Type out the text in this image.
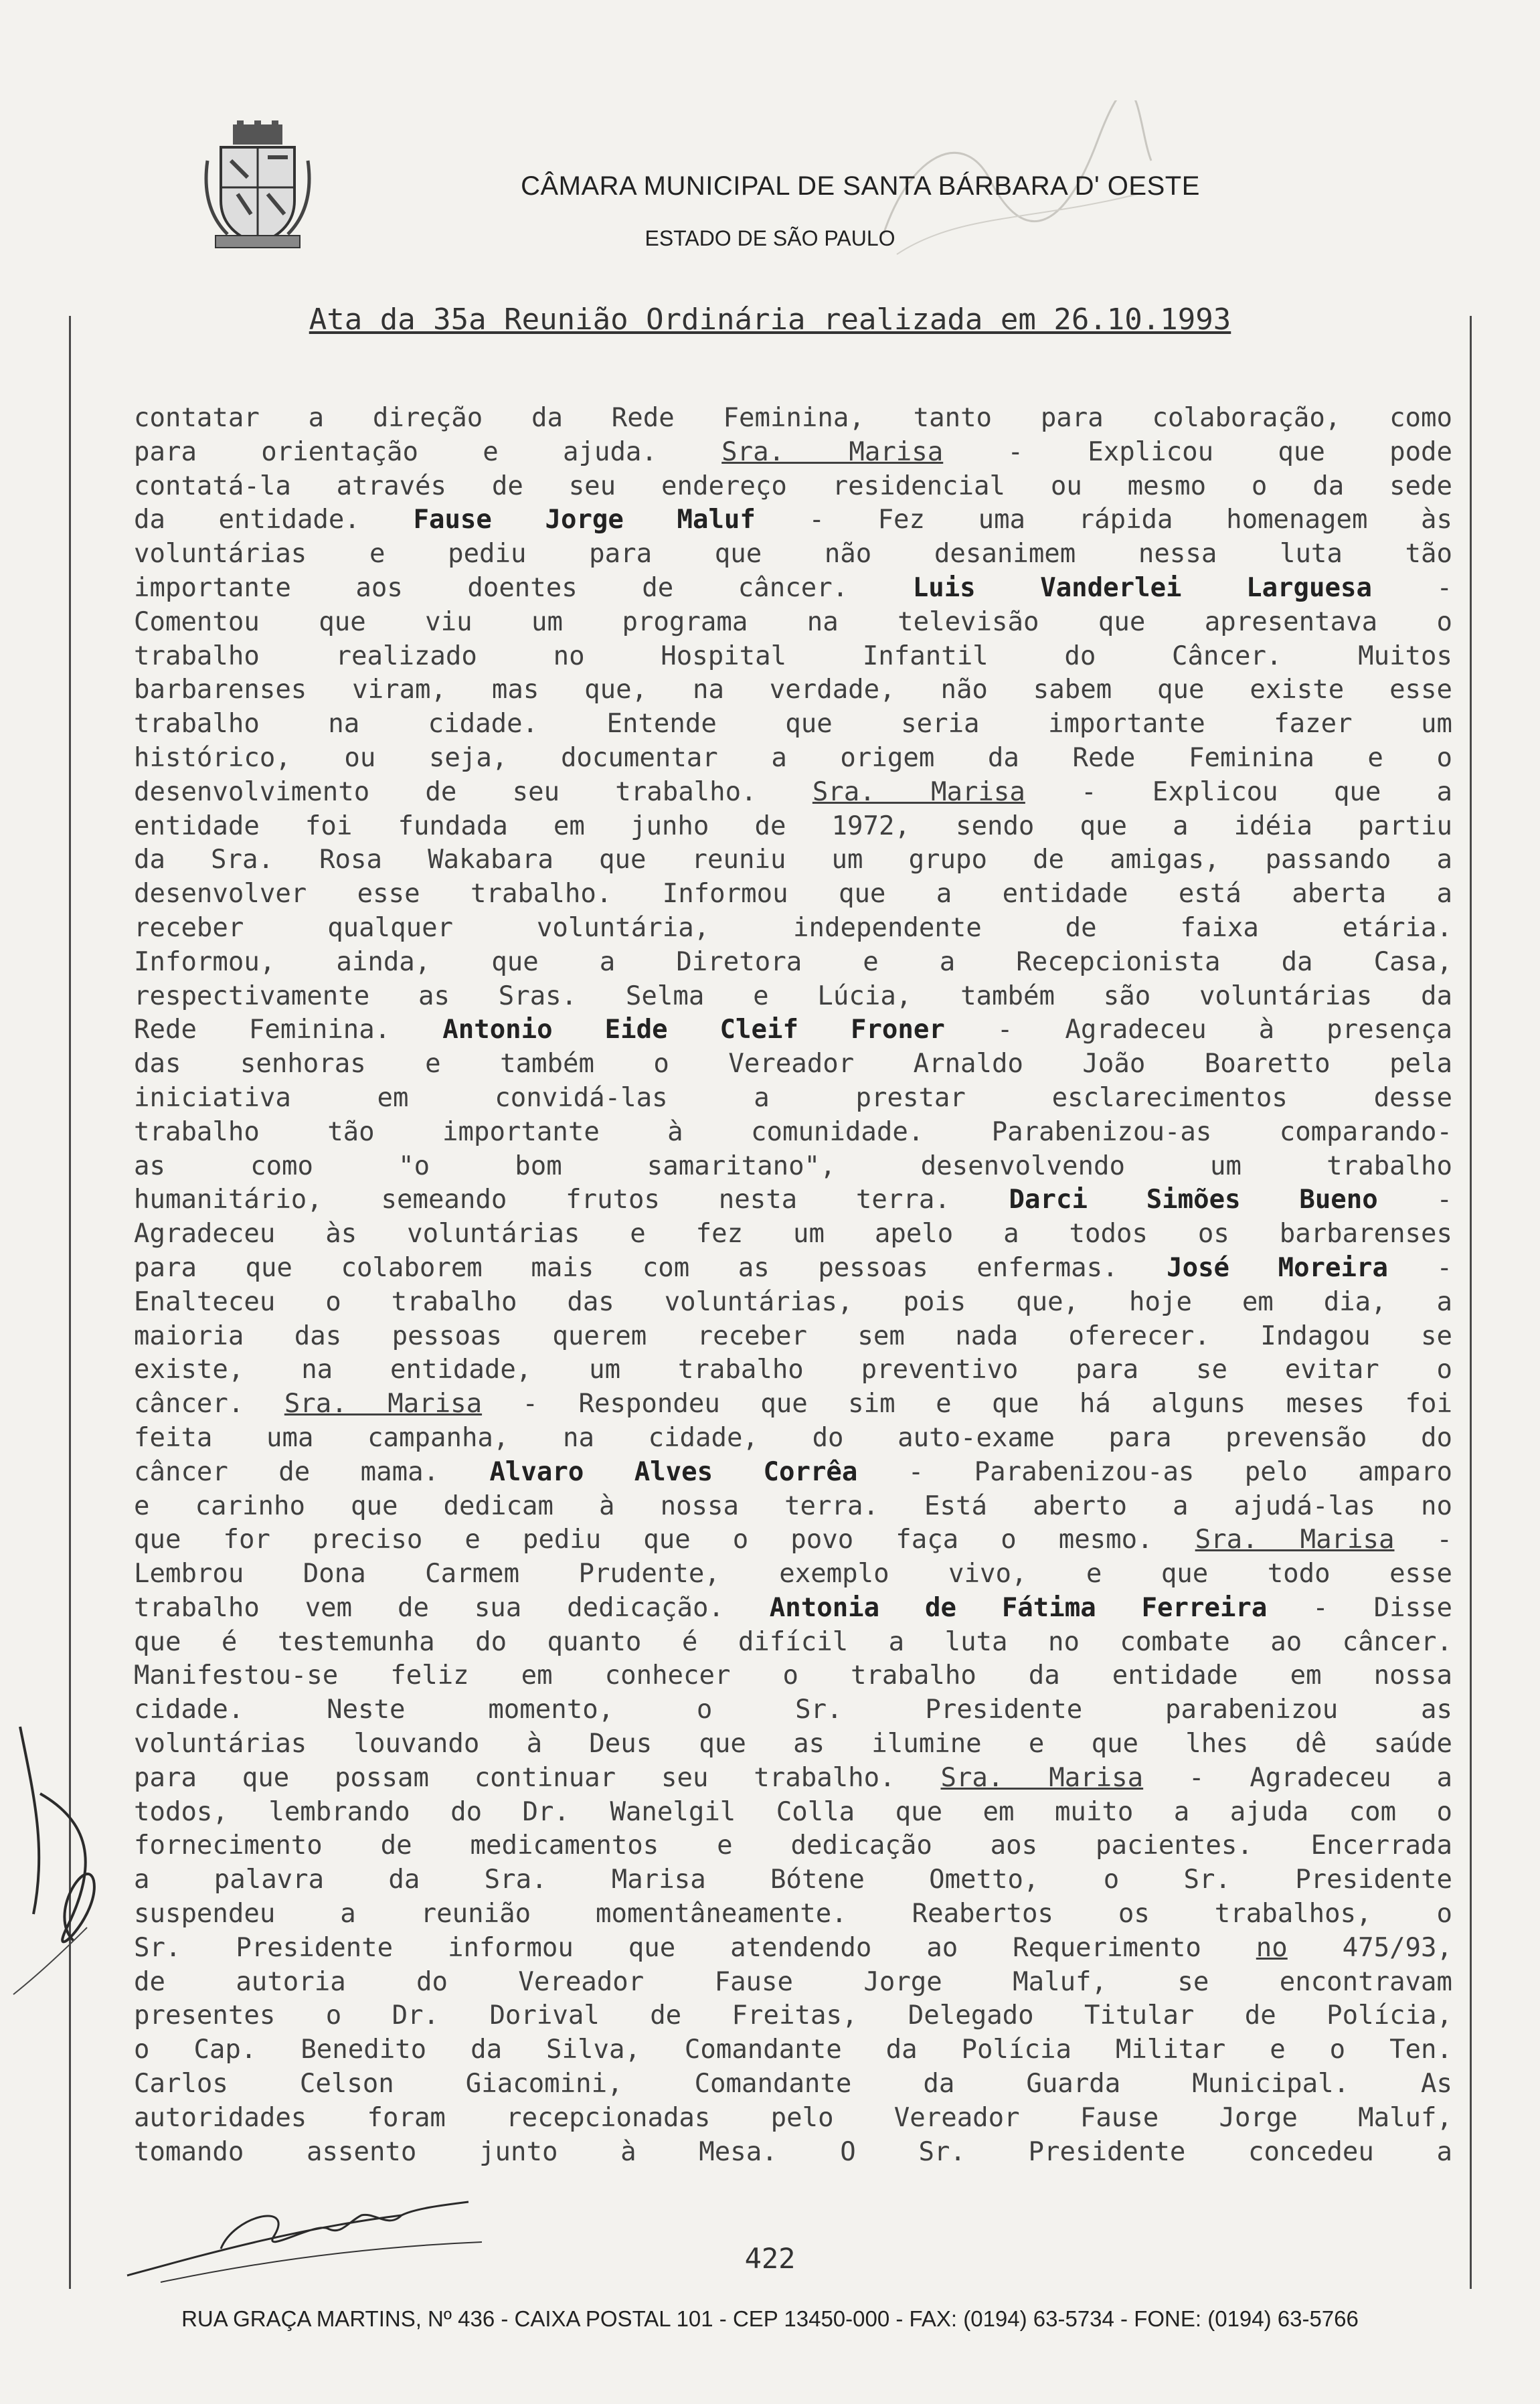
CÂMARA MUNICIPAL DE SANTA BÁRBARA D' OESTE
ESTADO DE SÃO PAULO
Ata da 35a Reunião Ordinária realizada em 26.10.1993
contatar a direção da Rede Feminina, tanto para colaboração, como
para orientação e ajuda. Sra. Marisa - Explicou que pode
contatá-la através de seu endereço residencial ou mesmo o da sede
da entidade. Fause Jorge Maluf - Fez uma rápida homenagem às
voluntárias e pediu para que não desanimem nessa luta tão
importante aos doentes de câncer. Luis Vanderlei Larguesa -
Comentou que viu um programa na televisão que apresentava o
trabalho realizado no Hospital Infantil do Câncer. Muitos
barbarenses viram, mas que, na verdade, não sabem que existe esse
trabalho na cidade. Entende que seria importante fazer um
histórico, ou seja, documentar a origem da Rede Feminina e o
desenvolvimento de seu trabalho. Sra. Marisa - Explicou que a
entidade foi fundada em junho de 1972, sendo que a idéia partiu
da Sra. Rosa Wakabara que reuniu um grupo de amigas, passando a
desenvolver esse trabalho. Informou que a entidade está aberta a
receber qualquer voluntária, independente de faixa etária.
Informou, ainda, que a Diretora e a Recepcionista da Casa,
respectivamente as Sras. Selma e Lúcia, também são voluntárias da
Rede Feminina. Antonio Eide Cleif Froner - Agradeceu à presença
das senhoras e também o Vereador Arnaldo João Boaretto pela
iniciativa em convidá-las a prestar esclarecimentos desse
trabalho tão importante à comunidade. Parabenizou-as comparando-
as como "o bom samaritano", desenvolvendo um trabalho
humanitário, semeando frutos nesta terra. Darci Simões Bueno -
Agradeceu às voluntárias e fez um apelo a todos os barbarenses
para que colaborem mais com as pessoas enfermas. José Moreira -
Enalteceu o trabalho das voluntárias, pois que, hoje em dia, a
maioria das pessoas querem receber sem nada oferecer. Indagou se
existe, na entidade, um trabalho preventivo para se evitar o
câncer. Sra. Marisa - Respondeu que sim e que há alguns meses foi
feita uma campanha, na cidade, do auto-exame para prevensão do
câncer de mama. Alvaro Alves Corrêa - Parabenizou-as pelo amparo
e carinho que dedicam à nossa terra. Está aberto a ajudá-las no
que for preciso e pediu que o povo faça o mesmo. Sra. Marisa -
Lembrou Dona Carmem Prudente, exemplo vivo, e que todo esse
trabalho vem de sua dedicação. Antonia de Fátima Ferreira - Disse
que é testemunha do quanto é difícil a luta no combate ao câncer.
Manifestou-se feliz em conhecer o trabalho da entidade em nossa
cidade. Neste momento, o Sr. Presidente parabenizou as
voluntárias louvando à Deus que as ilumine e que lhes dê saúde
para que possam continuar seu trabalho. Sra. Marisa - Agradeceu a
todos, lembrando do Dr. Wanelgil Colla que em muito a ajuda com o
fornecimento de medicamentos e dedicação aos pacientes. Encerrada
a palavra da Sra. Marisa Bótene Ometto, o Sr. Presidente
suspendeu a reunião momentâneamente. Reabertos os trabalhos, o
Sr. Presidente informou que atendendo ao Requerimento no 475/93,
de autoria do Vereador Fause Jorge Maluf, se encontravam
presentes o Dr. Dorival de Freitas, Delegado Titular de Polícia,
o Cap. Benedito da Silva, Comandante da Polícia Militar e o Ten.
Carlos Celson Giacomini, Comandante da Guarda Municipal. As
autoridades foram recepcionadas pelo Vereador Fause Jorge Maluf,
tomando assento junto à Mesa. O Sr. Presidente concedeu a
422
RUA GRAÇA MARTINS, Nº 436 - CAIXA POSTAL 101 - CEP 13450-000 - FAX: (0194) 63-5734 - FONE: (0194) 63-5766
